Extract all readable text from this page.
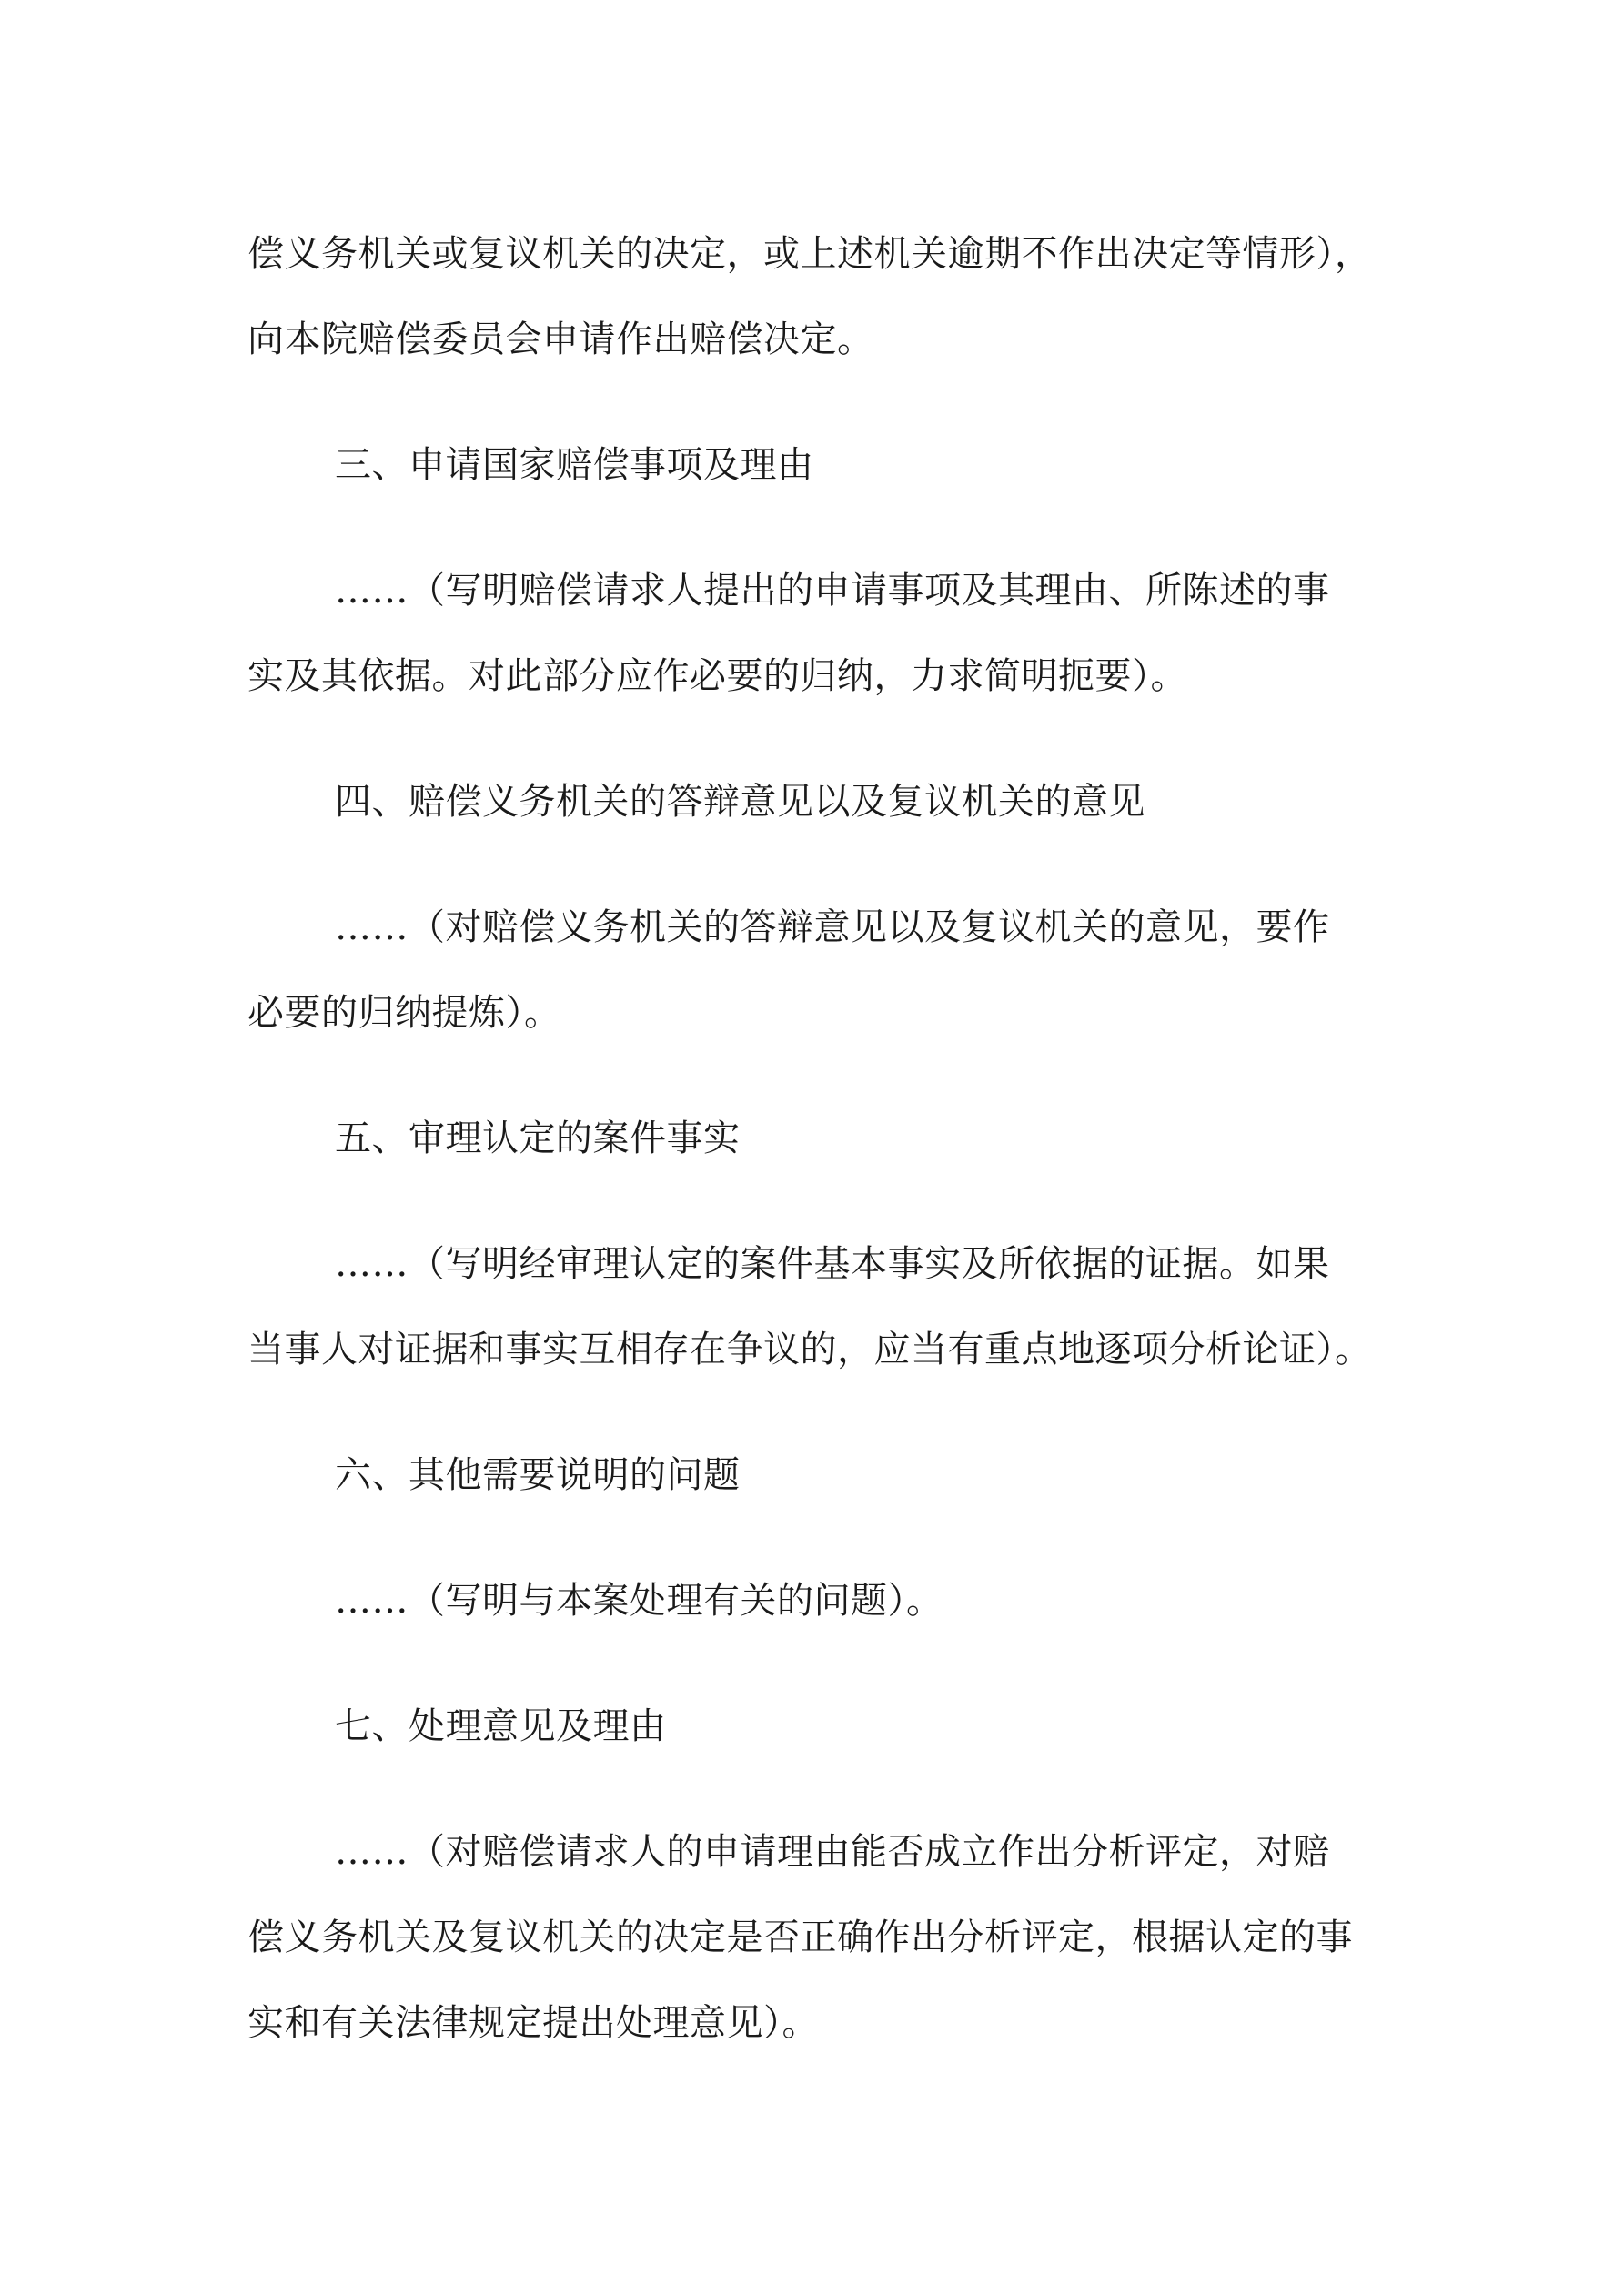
偿义务机关或复议机关的决定，或上述机关逾期不作出决定等情形），

向本院赔偿委员会申请作出赔偿决定。

三、申请国家赔偿事项及理由

……（写明赔偿请求人提出的申请事项及其理由、所陈述的事

实及其依据。对此部分应作必要的归纳，力求简明扼要）。

四、赔偿义务机关的答辩意见以及复议机关的意见

……（对赔偿义务机关的答辩意见以及复议机关的意见，要作

必要的归纳提炼）。

五、审理认定的案件事实

……（写明经审理认定的案件基本事实及所依据的证据。如果

当事人对证据和事实互相存在争议的，应当有重点地逐项分析论证）。

六、其他需要说明的问题

……（写明与本案处理有关的问题）。

七、处理意见及理由

……（对赔偿请求人的申请理由能否成立作出分析评定，对赔

偿义务机关及复议机关的决定是否正确作出分析评定，根据认定的事

实和有关法律规定提出处理意见）。
